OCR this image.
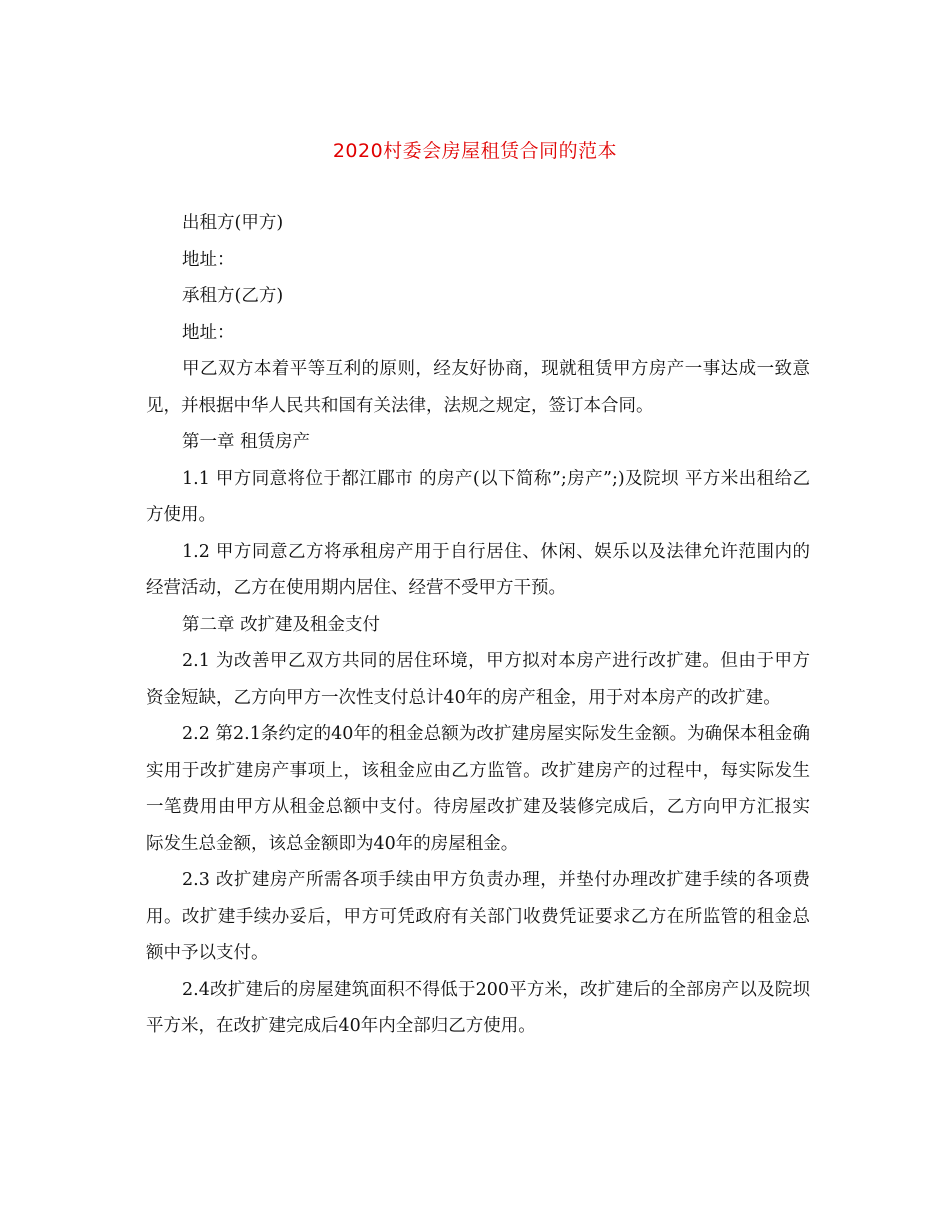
2020村委会房屋租赁合同的范本

出租方(甲方)

地址：

承租方(乙方)

地址：

甲乙双方本着平等互利的原则，经友好协商，现就租赁甲方房产一事达成一致意见，并根据中华人民共和国有关法律，法规之规定，签订本合同。

第一章 租赁房产

1.1 甲方同意将位于都江郿市 的房产(以下简称”;房产”;)及院坝 平方米出租给乙方使用。

1.2 甲方同意乙方将承租房产用于自行居住、休闲、娱乐以及法律允许范围内的经营活动，乙方在使用期内居住、经营不受甲方干预。

第二章 改扩建及租金支付

2.1 为改善甲乙双方共同的居住环境，甲方拟对本房产进行改扩建。但由于甲方资金短缺，乙方向甲方一次性支付总计40年的房产租金，用于对本房产的改扩建。

2.2 第2.1条约定的40年的租金总额为改扩建房屋实际发生金额。为确保本租金确实用于改扩建房产事项上，该租金应由乙方监管。改扩建房产的过程中，每实际发生一笔费用由甲方从租金总额中支付。待房屋改扩建及装修完成后，乙方向甲方汇报实际发生总金额，该总金额即为40年的房屋租金。

2.3 改扩建房产所需各项手续由甲方负责办理，并垫付办理改扩建手续的各项费用。改扩建手续办妥后，甲方可凭政府有关部门收费凭证要求乙方在所监管的租金总额中予以支付。

2.4改扩建后的房屋建筑面积不得低于200平方米，改扩建后的全部房产以及院坝 平方米，在改扩建完成后40年内全部归乙方使用。
